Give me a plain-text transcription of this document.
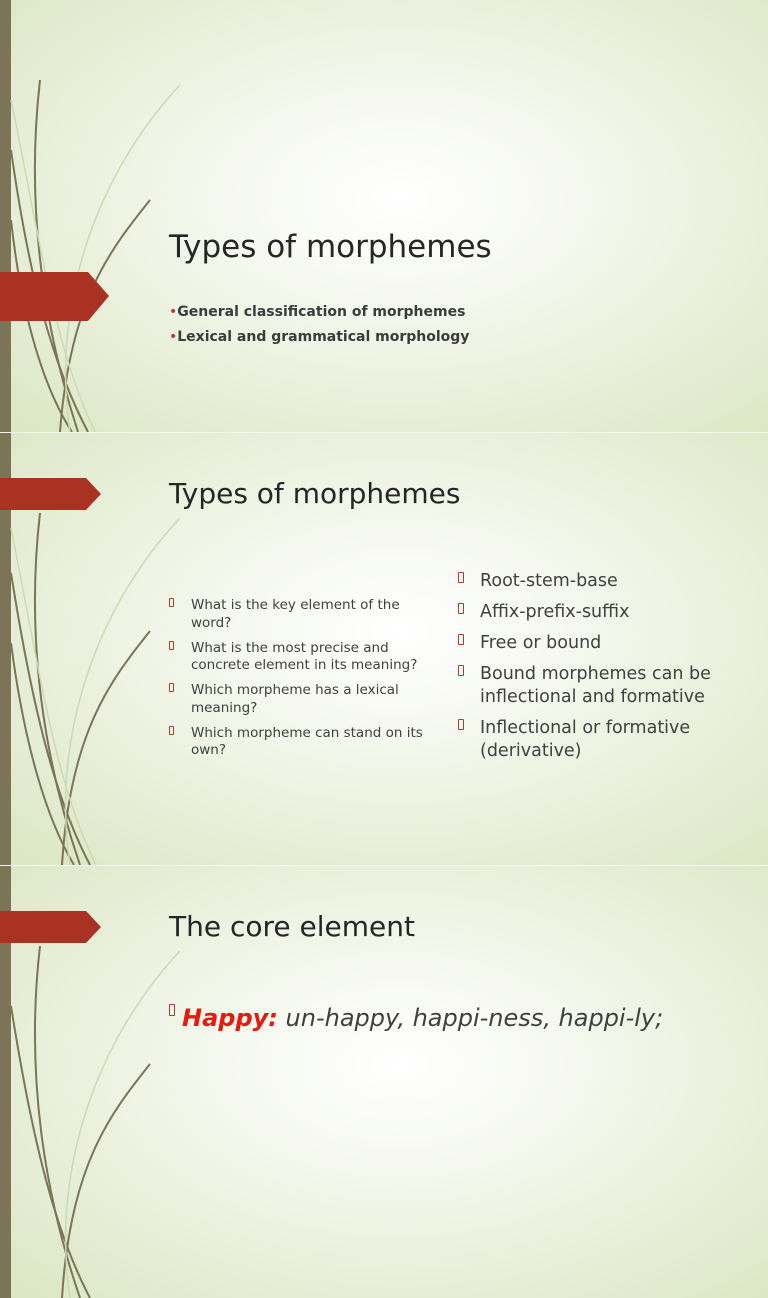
Types of morphemes
•General classification of morphemes
•Lexical and grammatical morphology
Types of morphemes
What is the key element of the word?
What is the most precise and concrete element in its meaning?
Which morpheme has a lexical meaning?
Which morpheme can stand on its own?
Root-stem-base
Affix-prefix-suffix
Free or bound
Bound morphemes can be inflectional and formative
Inflectional or formative (derivative)
The core element
Happy: un-happy, happi-ness, happi-ly;
